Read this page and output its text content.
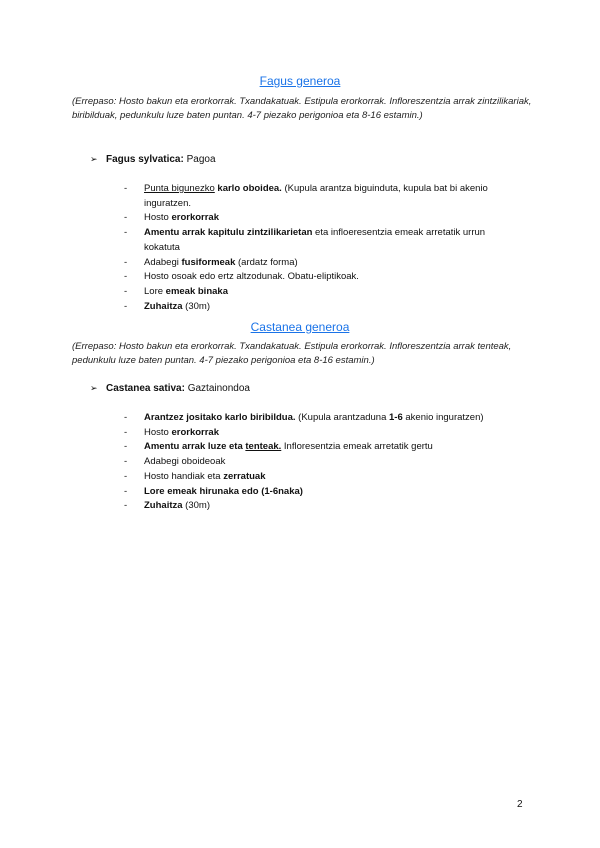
Fagus generoa
(Errepaso: Hosto bakun eta erorkorrak. Txandakatuak. Estipula erorkorrak. Infloreszentzia arrak zintzilikariak, biribilduak, pedunkulu luze baten puntan. 4-7 piezako perigonioa eta 8-16 estamin.)
➢ Fagus sylvatica: Pagoa
- Punta bigunezko karlo oboidea. (Kupula arantza biguinduta, kupula bat bi akenio inguratzen.
- Hosto erorkorrak
- Amentu arrak kapitulu zintzilikarietan eta infloeresentzia emeak arretatik urrun kokatuta
- Adabegi fusiformeak (ardatz forma)
- Hosto osoak edo ertz altzodunak. Obatu-eliptikoak.
- Lore emeak binaka
- Zuhaitza (30m)
Castanea generoa
(Errepaso: Hosto bakun eta erorkorrak. Txandakatuak. Estipula erorkorrak. Infloreszentzia arrak tenteak, pedunkulu luze baten puntan. 4-7 piezako perigonioa eta 8-16 estamin.)
➢ Castanea sativa: Gaztainondoa
- Arantzez jositako karlo biribildua. (Kupula arantzaduna 1-6 akenio inguratzen)
- Hosto erorkorrak
- Amentu arrak luze eta tenteak. Infloresentzia emeak arretatik gertu
- Adabegi oboideoak
- Hosto handiak eta zerratuak
- Lore emeak hirunaka edo (1-6naka)
- Zuhaitza (30m)
2
